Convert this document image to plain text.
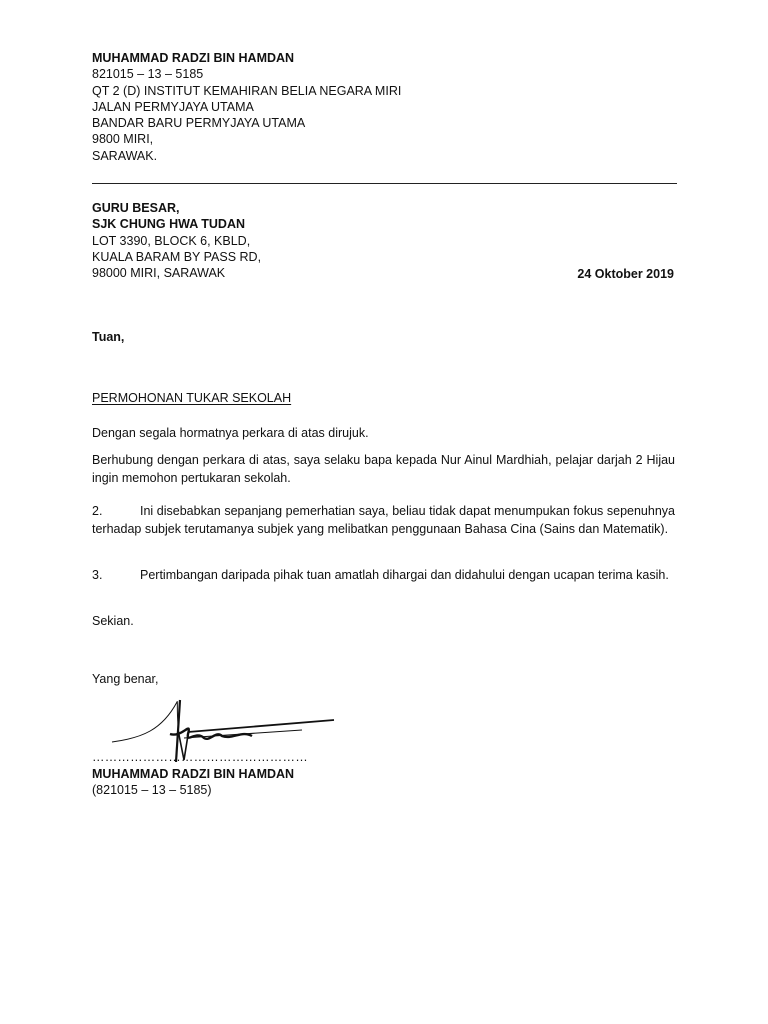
MUHAMMAD RADZI BIN HAMDAN
821015 – 13 – 5185
QT 2 (D) INSTITUT KEMAHIRAN BELIA NEGARA MIRI
JALAN PERMYJAYA UTAMA
BANDAR BARU PERMYJAYA UTAMA
9800 MIRI,
SARAWAK.
GURU BESAR,
SJK CHUNG HWA TUDAN
LOT 3390, BLOCK 6, KBLD,
KUALA BARAM BY PASS RD,
98000 MIRI, SARAWAK	24 Oktober 2019
Tuan,
PERMOHONAN TUKAR SEKOLAH
Dengan segala hormatnya perkara di atas dirujuk.
Berhubung dengan perkara di atas, saya selaku bapa kepada Nur Ainul Mardhiah, pelajar darjah 2 Hijau ingin memohon pertukaran sekolah.
2.	Ini disebabkan sepanjang pemerhatian saya, beliau tidak dapat menumpukan fokus sepenuhnya terhadap subjek terutamanya subjek yang melibatkan penggunaan Bahasa Cina (Sains dan Matematik).
3.	Pertimbangan daripada pihak tuan amatlah dihargai dan didahului dengan ucapan terima kasih.
Sekian.
Yang benar,
……………………………………………
MUHAMMAD RADZI BIN HAMDAN
(821015 – 13 – 5185)
